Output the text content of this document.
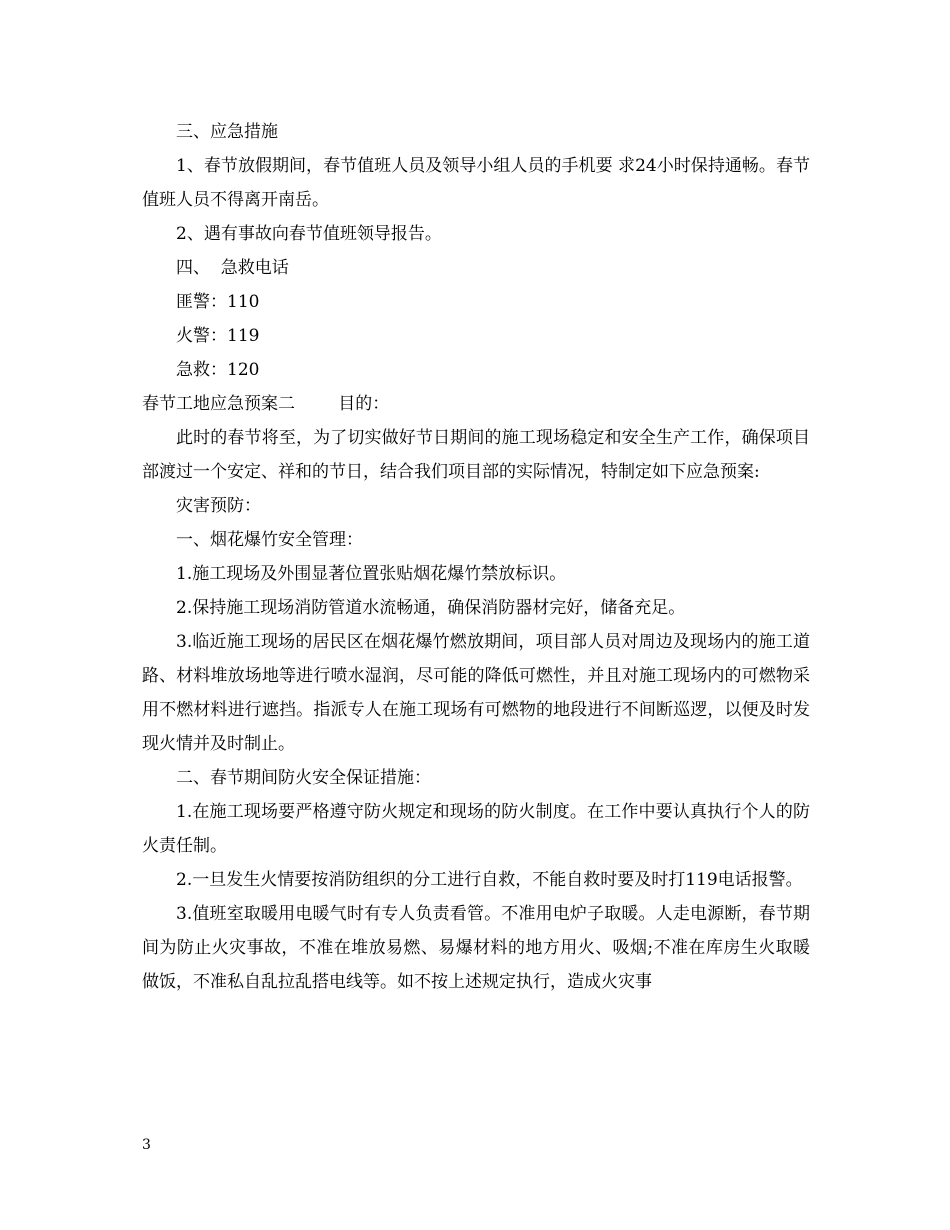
三、应急措施

1、春节放假期间，春节值班人员及领导小组人员的手机要 求24小时保持通畅。春节值班人员不得离开南岳。

2、遇有事故向春节值班领导报告。

四、  急救电话

匪警：110

火警：119

急救：120

春节工地应急预案二        目的：

此时的春节将至，为了切实做好节日期间的施工现场稳定和安全生产工作，确保项目部渡过一个安定、祥和的节日，结合我们项目部的实际情况，特制定如下应急预案:

灾害预防：

一、烟花爆竹安全管理：

1.施工现场及外围显著位置张贴烟花爆竹禁放标识。

2.保持施工现场消防管道水流畅通，确保消防器材完好，储备充足。

3.临近施工现场的居民区在烟花爆竹燃放期间，项目部人员对周边及现场内的施工道路、材料堆放场地等进行喷水湿润，尽可能的降低可燃性，并且对施工现场内的可燃物采用不燃材料进行遮挡。指派专人在施工现场有可燃物的地段进行不间断巡逻，以便及时发现火情并及时制止。

二、春节期间防火安全保证措施：

1.在施工现场要严格遵守防火规定和现场的防火制度。在工作中要认真执行个人的防火责任制。

2.一旦发生火情要按消防组织的分工进行自救，不能自救时要及时打119电话报警。

3.值班室取暖用电暖气时有专人负责看管。不准用电炉子取暖。人走电源断，春节期间为防止火灾事故，不准在堆放易燃、易爆材料的地方用火、吸烟;不准在库房生火取暖做饭，不准私自乱拉乱搭电线等。如不按上述规定执行，造成火灾事

3
